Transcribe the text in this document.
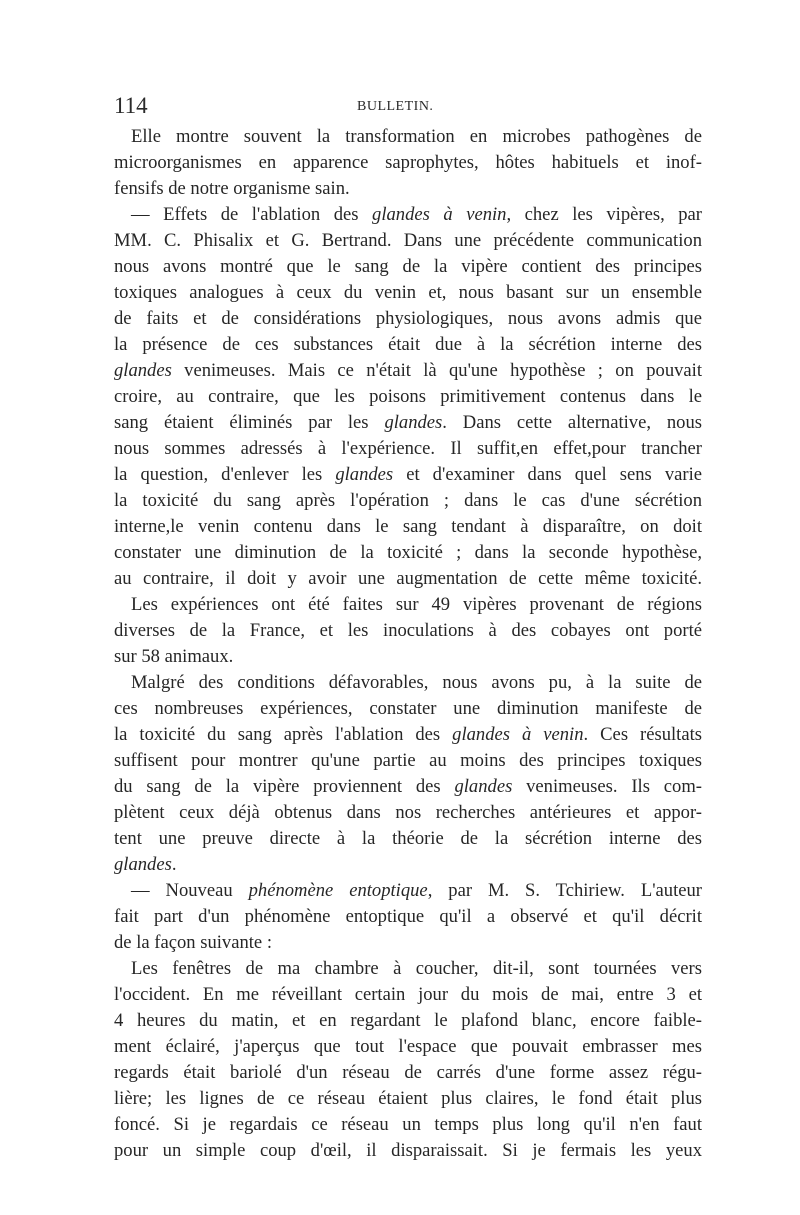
114	BULLETIN.
Elle montre souvent la transformation en microbes pathogènes de
microorganismes en apparence saprophytes, hôtes habituels et inof-
fensifs de notre organisme sain.
— Effets de l'ablation des glandes à venin, chez les vipères, par
MM. C. Phisalix et G. Bertrand. Dans une précédente communication
nous avons montré que le sang de la vipère contient des principes
toxiques analogues à ceux du venin et, nous basant sur un ensemble
de faits et de considérations physiologiques, nous avons admis que
la présence de ces substances était due à la sécrétion interne des
glandes venimeuses. Mais ce n'était là qu'une hypothèse ; on pouvait
croire, au contraire, que les poisons primitivement contenus dans le
sang étaient éliminés par les glandes. Dans cette alternative, nous
nous sommes adressés à l'expérience. Il suffit,en effet,pour trancher
la question, d'enlever les glandes et d'examiner dans quel sens varie
la toxicité du sang après l'opération ; dans le cas d'une sécrétion
interne,le venin contenu dans le sang tendant à disparaître, on doit
constater une diminution de la toxicité ; dans la seconde hypothèse,
au contraire, il doit y avoir une augmentation de cette même toxicité.
Les expériences ont été faites sur 49 vipères provenant de régions
diverses de la France, et les inoculations à des cobayes ont porté
sur 58 animaux.
Malgré des conditions défavorables, nous avons pu, à la suite de
ces nombreuses expériences, constater une diminution manifeste de
la toxicité du sang après l'ablation des glandes à venin. Ces résultats
suffisent pour montrer qu'une partie au moins des principes toxiques
du sang de la vipère proviennent des glandes venimeuses. Ils com-
plètent ceux déjà obtenus dans nos recherches antérieures et appor-
tent une preuve directe à la théorie de la sécrétion interne des
glandes.
— Nouveau phénomène entoptique, par M. S. Tchiriew. L'auteur
fait part d'un phénomène entoptique qu'il a observé et qu'il décrit
de la façon suivante :
Les fenêtres de ma chambre à coucher, dit-il, sont tournées vers
l'occident. En me réveillant certain jour du mois de mai, entre 3 et
4 heures du matin, et en regardant le plafond blanc, encore faible-
ment éclairé, j'aperçus que tout l'espace que pouvait embrasser mes
regards était bariolé d'un réseau de carrés d'une forme assez régu-
lière; les lignes de ce réseau étaient plus claires, le fond était plus
foncé. Si je regardais ce réseau un temps plus long qu'il n'en faut
pour un simple coup d'œil, il disparaissait. Si je fermais les yeux
